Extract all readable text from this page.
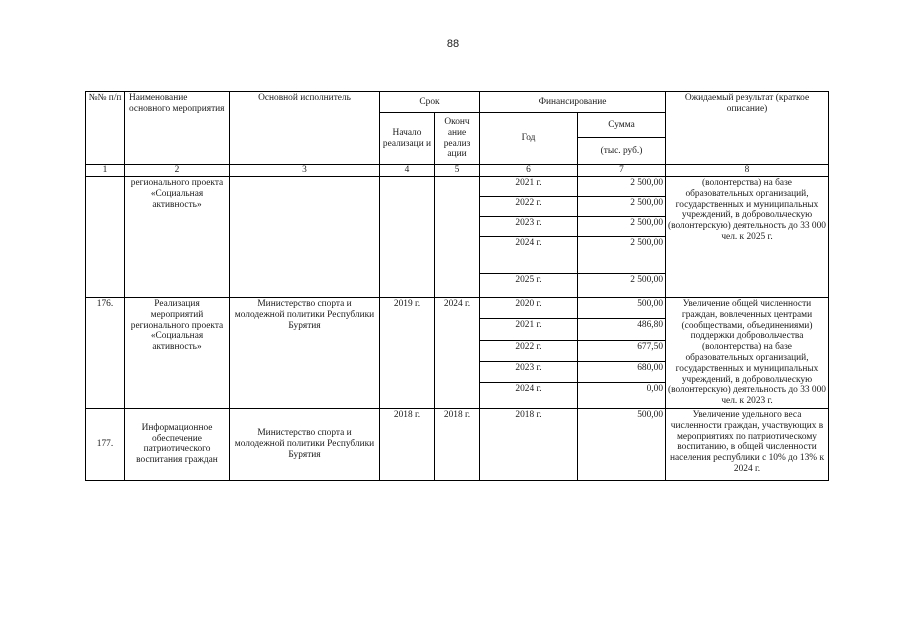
88
№№ п/п	Наименование основного мероприятия	Основной исполнитель	Срок		Финансирование		Ожидаемый результат (краткое описание)
			Начало реализаци и	Оконч ание реализ ации	Год	Сумма	
						(тыс. руб.)	
1	2	3	4	5	6	7	8
	регионального проекта «Социальная активность»				2021 г.	2 500,00	(волонтерства) на базе образовательных организаций, государственных и муниципальных учреждений, в добровольческую (волонтерскую) деятельность до 33 000 чел. к 2025 г.
					2022 г.	2 500,00	
					2023 г.	2 500,00	
					2024 г.	2 500,00	
					2025 г.	2 500,00	
176.	Реализация мероприятий регионального проекта «Социальная активность»	Министерство спорта и молодежной политики Республики Бурятия	2019 г.	2024 г.	2020 г.	500,00	Увеличение общей численности граждан, вовлеченных центрами (сообществами, объединениями) поддержки добровольчества (волонтерства) на базе образовательных организаций, государственных и муниципальных учреждений, в добровольческую (волонтерскую) деятельность до 33 000 чел. к 2023 г.
					2021 г.	486,80	
					2022 г.	677,50	
					2023 г.	680,00	
					2024 г.	0,00	
177.	Информационное обеспечение патриотического воспитания граждан	Министерство спорта и молодежной политики Республики Бурятия	2018 г.	2018 г.	2018 г.	500,00	Увеличение удельного веса численности граждан, участвующих в мероприятиях по патриотическому воспитанию, в общей численности населения республики с 10% до 13% к 2024 г.
